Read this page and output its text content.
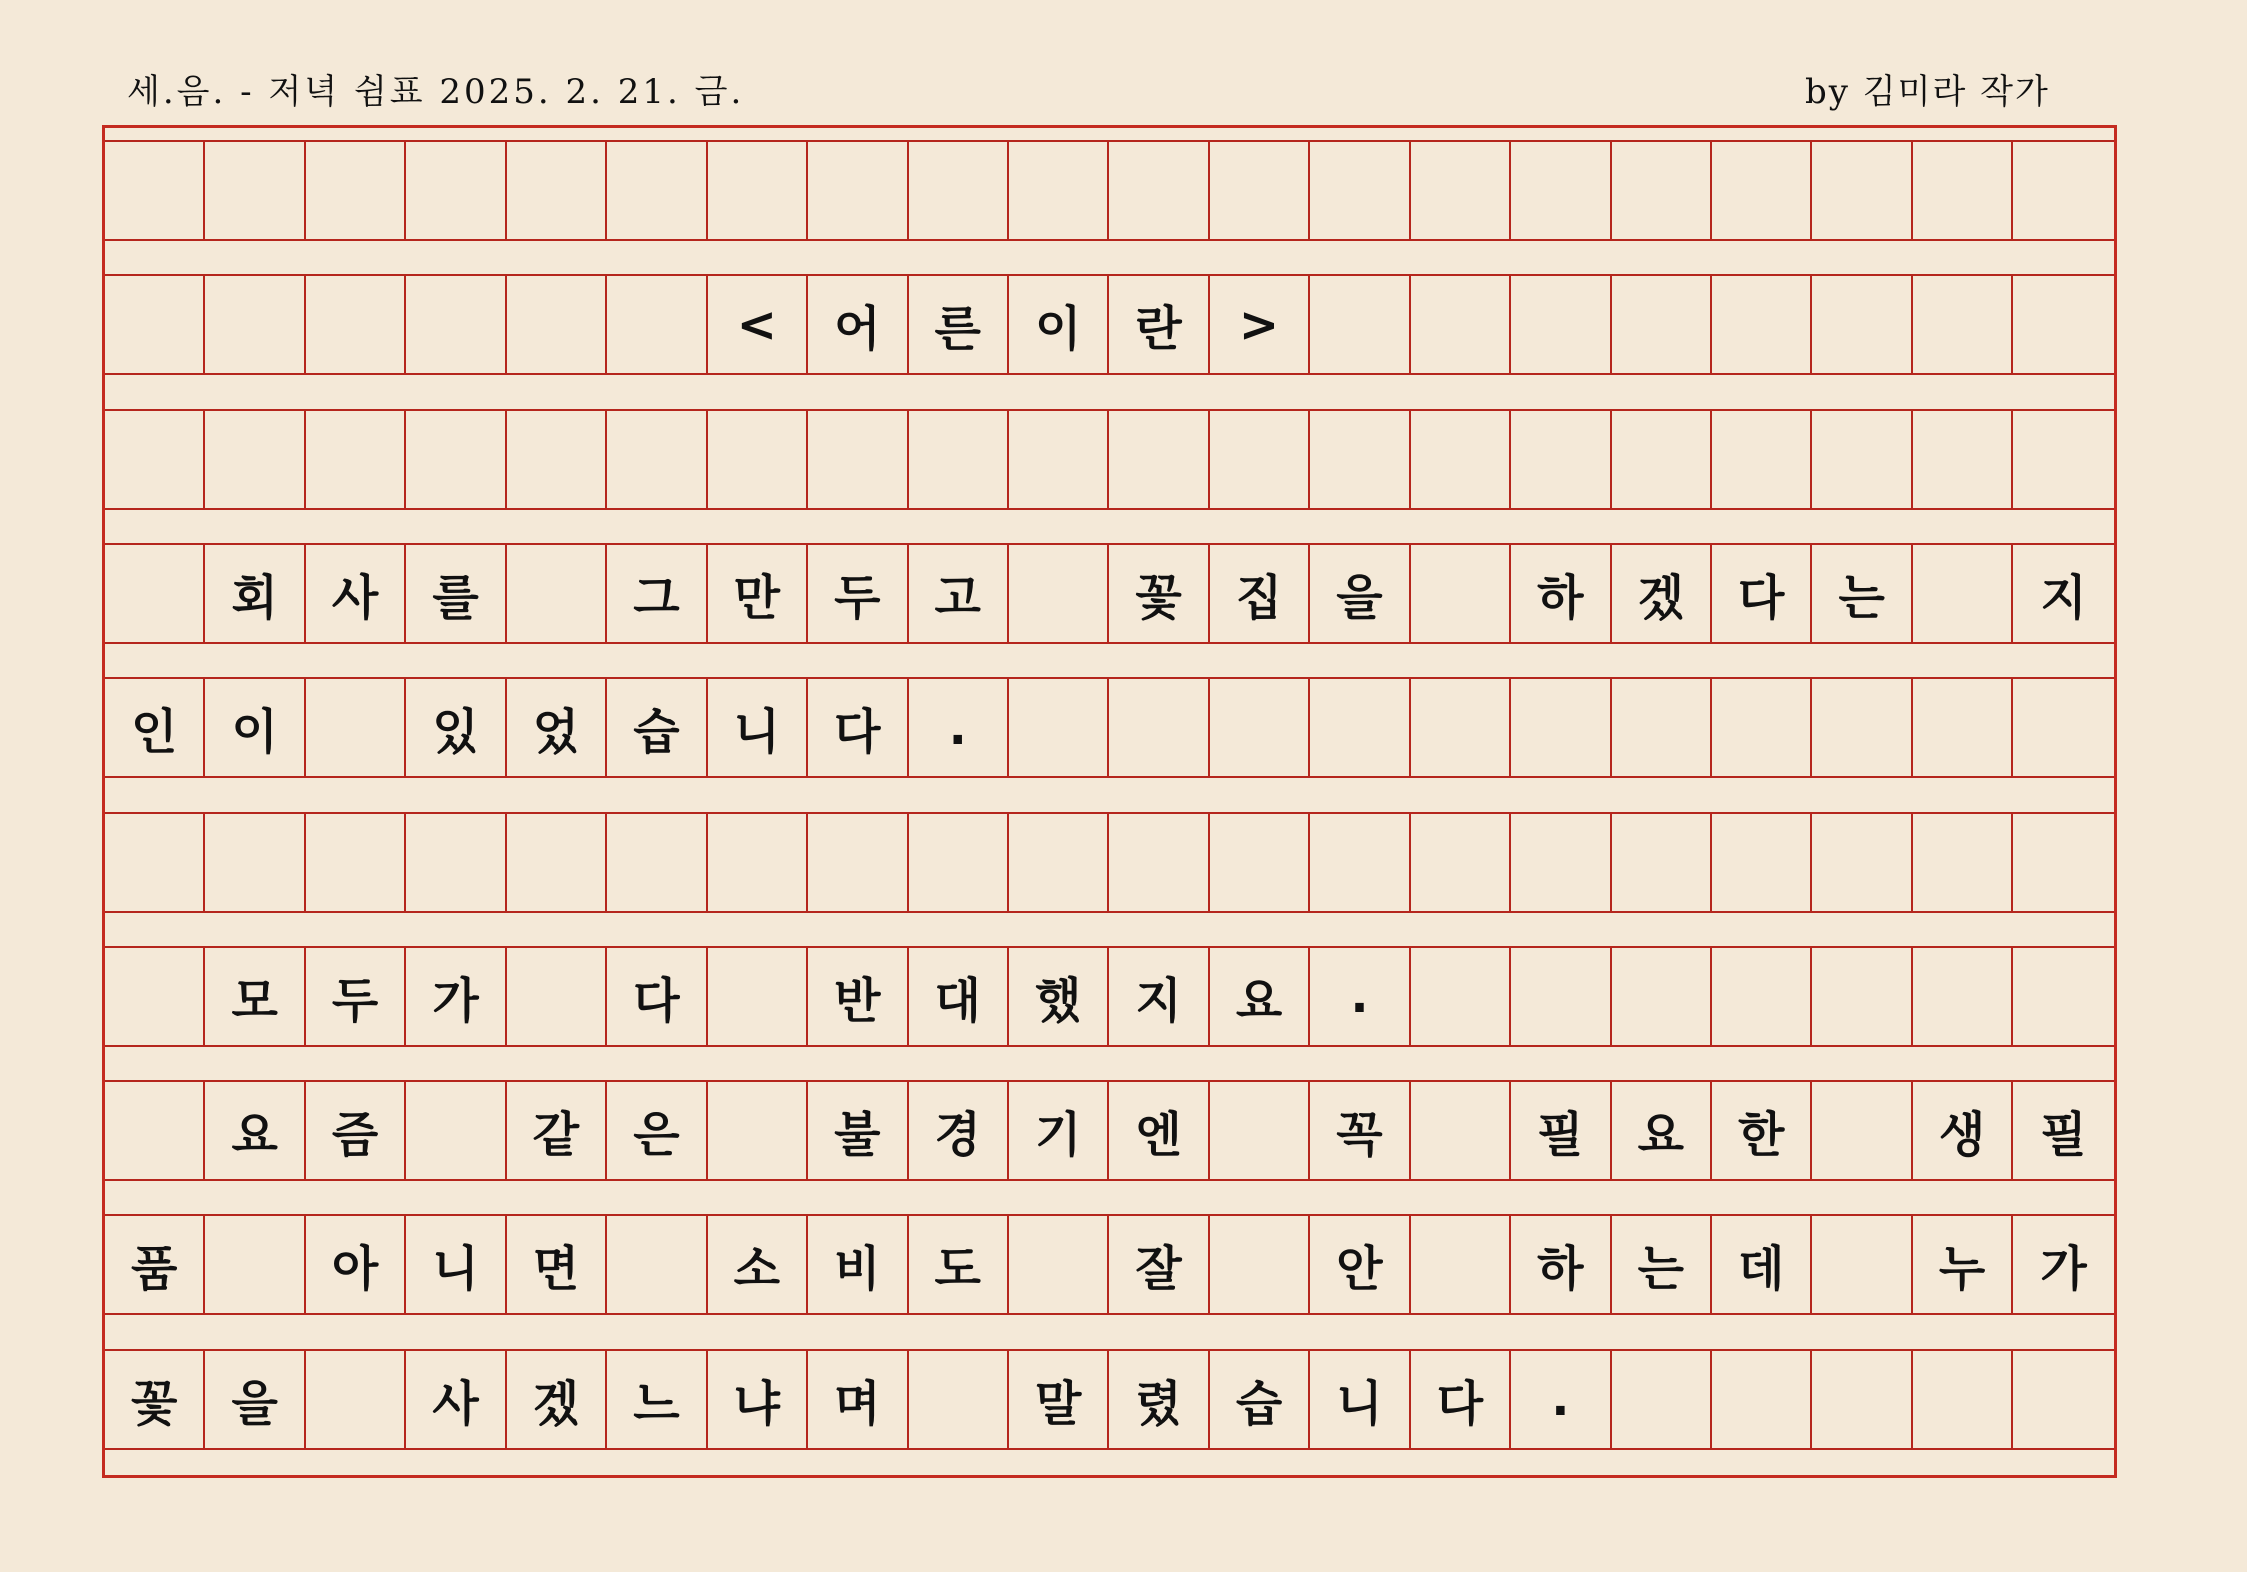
세.음. - 저녁 쉼표 2025. 2. 21. 금.	by 김미라 작가
<	어	른	이	란	>
회	사	를	그	만	두	고	꽃	집	을	하	겠	다	는	지
인	이	있	었	습	니	다	.
모	두	가	다	반	대	했	지	요	.
요	즘	같	은	불	경	기	엔	꼭	필	요	한	생	필
품	아	니	면	소	비	도	잘	안	하	는	데	누	가
꽃	을	사	겠	느	냐	며	말	렸	습	니	다	.
